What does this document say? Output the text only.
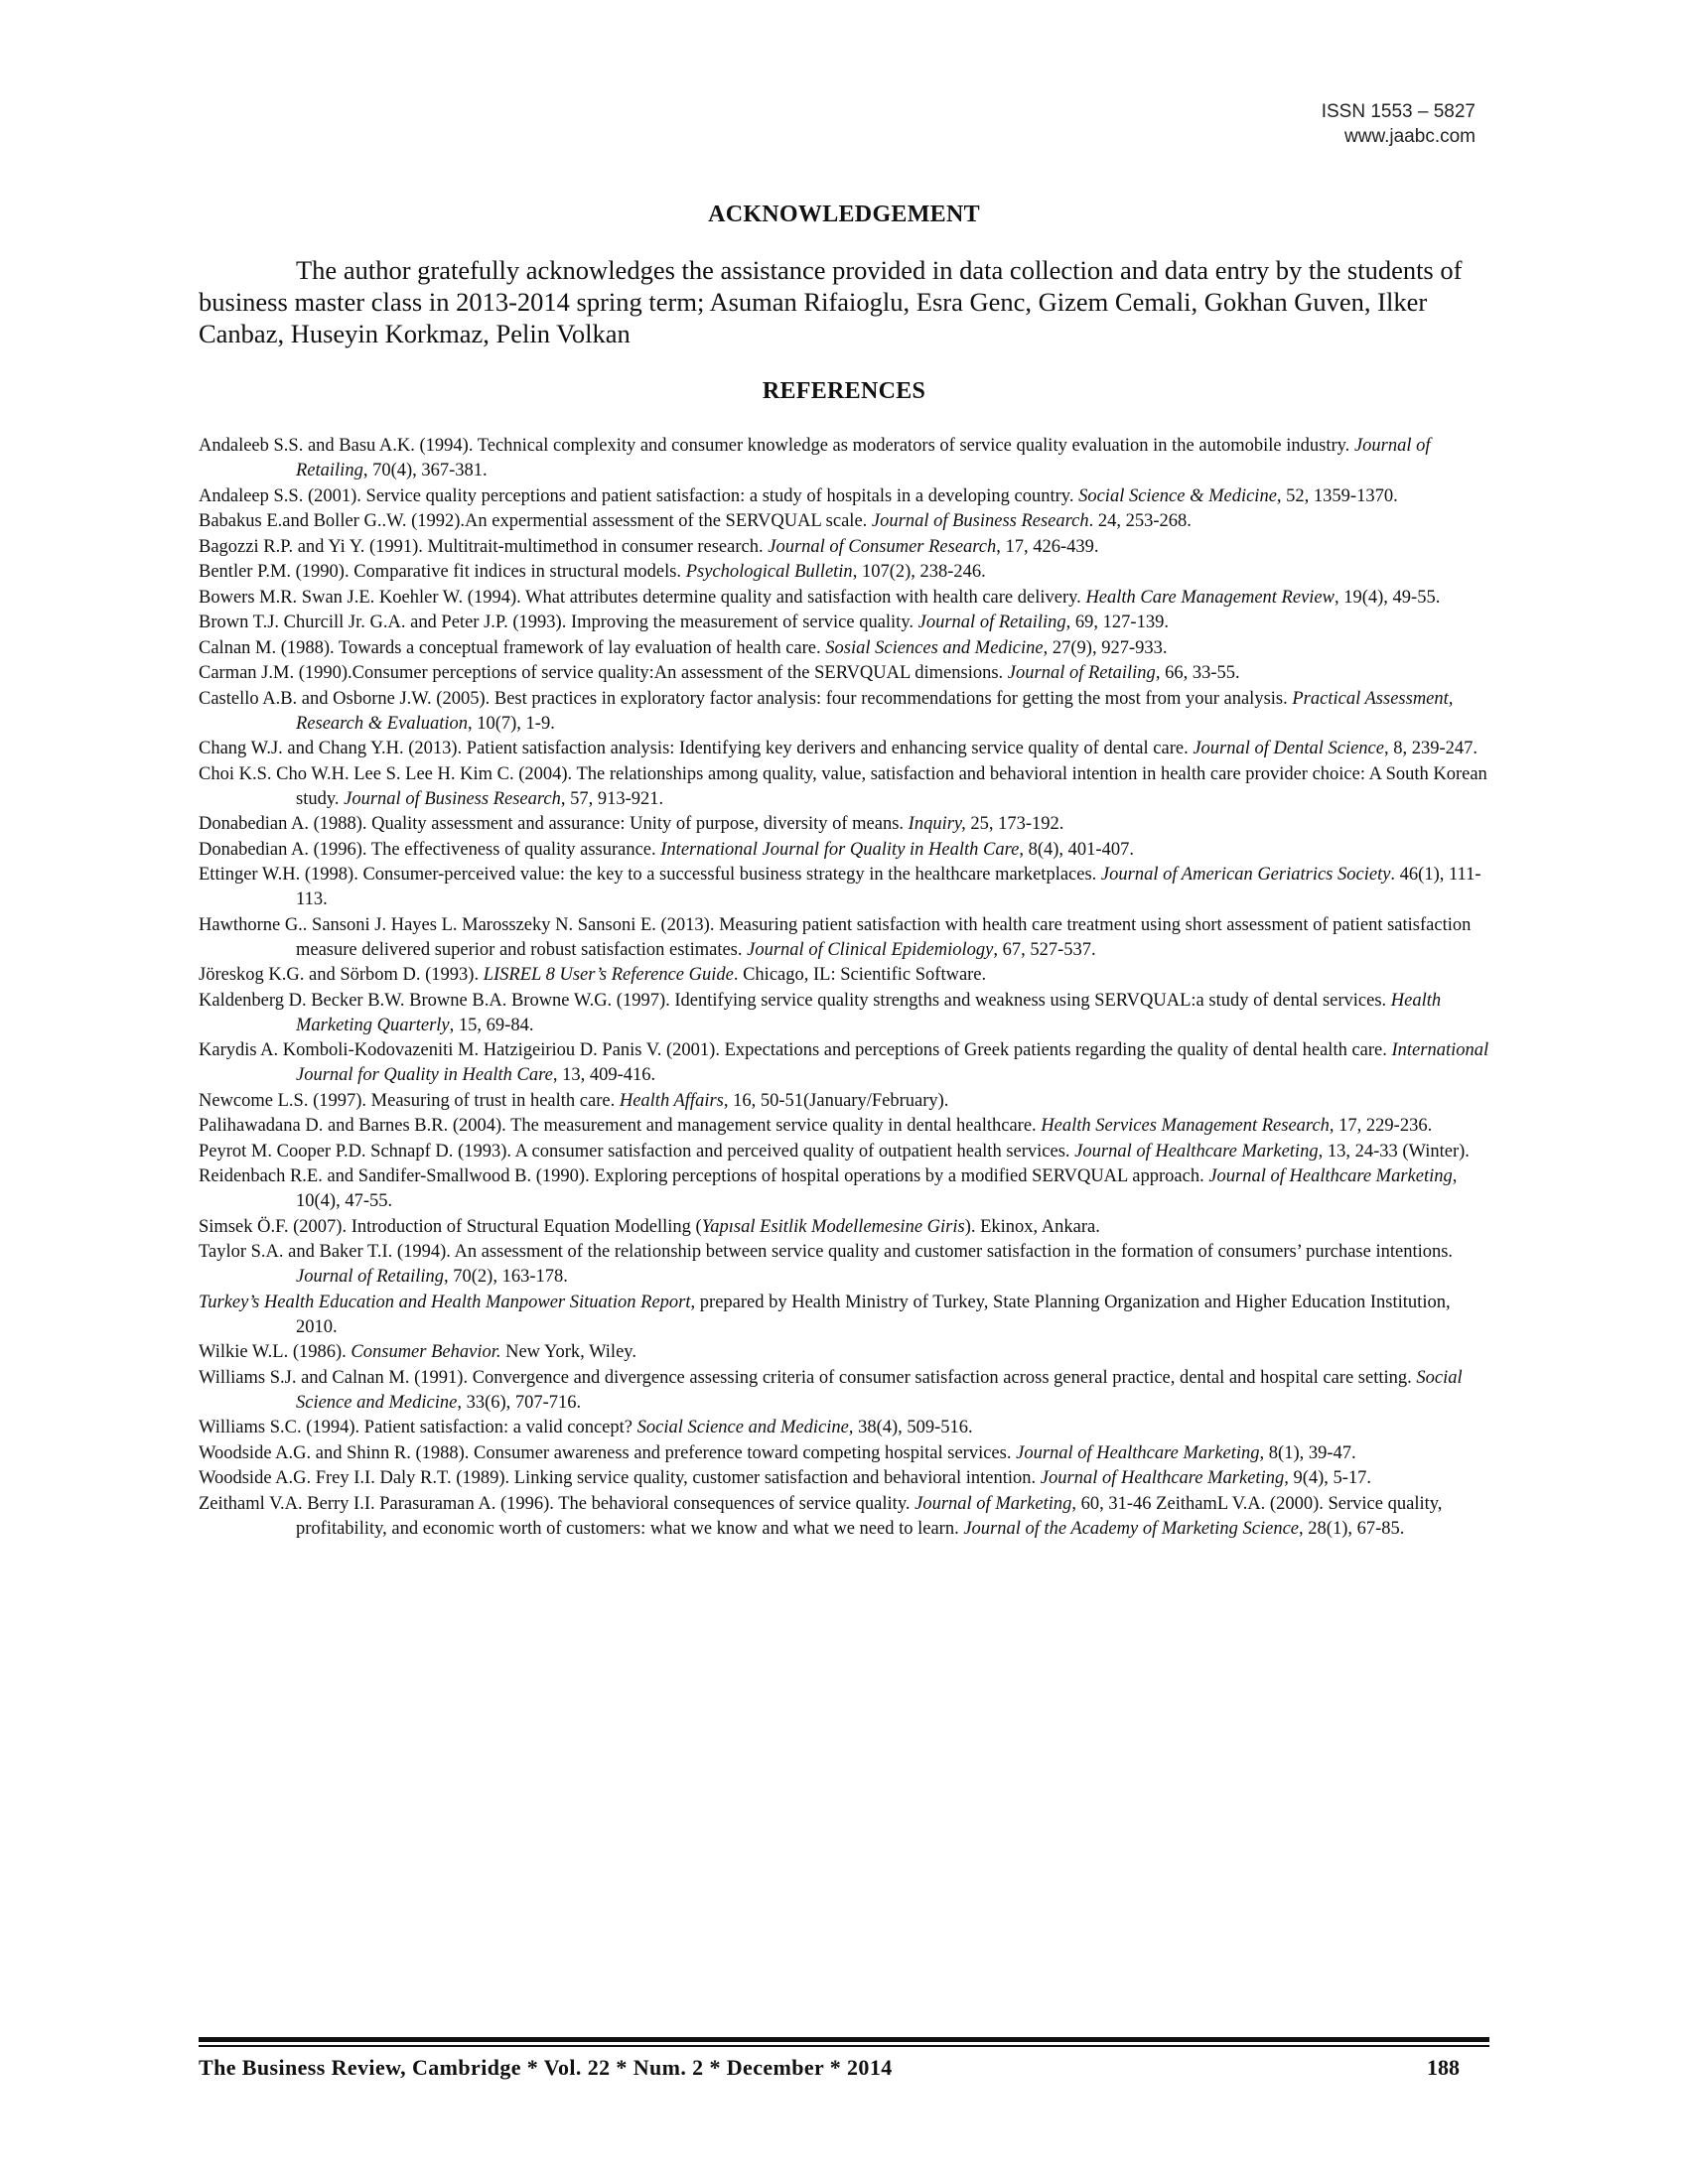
ISSN 1553 – 5827
www.jaabc.com
ACKNOWLEDGEMENT

The author gratefully acknowledges the assistance provided in data collection and data entry by the students of business master class in 2013-2014 spring term; Asuman Rifaioglu, Esra Genc, Gizem Cemali, Gokhan Guven, Ilker Canbaz, Huseyin Korkmaz, Pelin Volkan

REFERENCES
Andaleeb S.S. and Basu A.K. (1994). Technical complexity and consumer knowledge as moderators of service quality evaluation in the automobile industry. Journal of Retailing, 70(4), 367-381.
Andaleep S.S. (2001). Service quality perceptions and patient satisfaction: a study of hospitals in a developing country. Social Science & Medicine, 52, 1359-1370.
Babakus E.and Boller G..W. (1992).An expermential assessment of the SERVQUAL scale. Journal of Business Research. 24, 253-268.
Bagozzi R.P. and Yi Y. (1991). Multitrait-multimethod in consumer research. Journal of Consumer Research, 17, 426-439.
Bentler P.M. (1990). Comparative fit indices in structural models. Psychological Bulletin, 107(2), 238-246.
Bowers M.R. Swan J.E. Koehler W. (1994). What attributes determine quality and satisfaction with health care delivery. Health Care Management Review, 19(4), 49-55.
Brown T.J. Churcill Jr. G.A. and Peter J.P. (1993). Improving the measurement of service quality. Journal of Retailing, 69, 127-139.
Calnan M. (1988). Towards a conceptual framework of lay evaluation of health care. Sosial Sciences and Medicine, 27(9), 927-933.
Carman J.M. (1990).Consumer perceptions of service quality:An assessment of the SERVQUAL dimensions. Journal of Retailing, 66, 33-55.
Castello A.B. and Osborne J.W. (2005). Best practices in exploratory factor analysis: four recommendations for getting the most from your analysis. Practical Assessment, Research & Evaluation, 10(7), 1-9.
Chang W.J. and Chang Y.H. (2013). Patient satisfaction analysis: Identifying key derivers and enhancing service quality of dental care. Journal of Dental Science, 8, 239-247.
Choi K.S. Cho W.H. Lee S. Lee H. Kim C. (2004). The relationships among quality, value, satisfaction and behavioral intention in health care provider choice: A South Korean study. Journal of Business Research, 57, 913-921.
Donabedian A. (1988). Quality assessment and assurance: Unity of purpose, diversity of means. Inquiry, 25, 173-192.
Donabedian A. (1996). The effectiveness of quality assurance. International Journal for Quality in Health Care, 8(4), 401-407.
Ettinger W.H. (1998). Consumer-perceived value: the key to a successful business strategy in the healthcare marketplaces. Journal of American Geriatrics Society. 46(1), 111-113.
Hawthorne G.. Sansoni J. Hayes L. Marosszeky N. Sansoni E. (2013). Measuring patient satisfaction with health care treatment using short assessment of patient satisfaction measure delivered superior and robust satisfaction estimates. Journal of Clinical Epidemiology, 67, 527-537.
Jöreskog K.G. and Sörbom D. (1993). LISREL 8 User’s Reference Guide. Chicago, IL: Scientific Software.
Kaldenberg D. Becker B.W. Browne B.A. Browne W.G. (1997). Identifying service quality strengths and weakness using SERVQUAL:a study of dental services. Health Marketing Quarterly, 15, 69-84.
Karydis A. Komboli-Kodovazeniti M. Hatzigeiriou D. Panis V. (2001). Expectations and perceptions of Greek patients regarding the quality of dental health care. International Journal for Quality in Health Care, 13, 409-416.
Newcome L.S. (1997). Measuring of trust in health care. Health Affairs, 16, 50-51(January/February).
Palihawadana D. and Barnes B.R. (2004). The measurement and management service quality in dental healthcare. Health Services Management Research, 17, 229-236.
Peyrot M. Cooper P.D. Schnapf D. (1993). A consumer satisfaction and perceived quality of outpatient health services. Journal of Healthcare Marketing, 13, 24-33 (Winter).
Reidenbach R.E. and Sandifer-Smallwood B. (1990). Exploring perceptions of hospital operations by a modified SERVQUAL approach. Journal of Healthcare Marketing, 10(4), 47-55.
Simsek Ö.F. (2007). Introduction of Structural Equation Modelling (Yapısal Esitlik Modellemesine Giris). Ekinox, Ankara.
Taylor S.A. and Baker T.I. (1994). An assessment of the relationship between service quality and customer satisfaction in the formation of consumers’ purchase intentions. Journal of Retailing, 70(2), 163-178.
Turkey’s Health Education and Health Manpower Situation Report, prepared by Health Ministry of Turkey, State Planning Organization and Higher Education Institution, 2010.
Wilkie W.L. (1986). Consumer Behavior. New York, Wiley.
Williams S.J. and Calnan M. (1991). Convergence and divergence assessing criteria of consumer satisfaction across general practice, dental and hospital care setting. Social Science and Medicine, 33(6), 707-716.
Williams S.C. (1994). Patient satisfaction: a valid concept? Social Science and Medicine, 38(4), 509-516.
Woodside A.G. and Shinn R. (1988). Consumer awareness and preference toward competing hospital services. Journal of Healthcare Marketing, 8(1), 39-47.
Woodside A.G. Frey I.I. Daly R.T. (1989). Linking service quality, customer satisfaction and behavioral intention. Journal of Healthcare Marketing, 9(4), 5-17.
Zeithaml V.A. Berry I.I. Parasuraman A. (1996). The behavioral consequences of service quality. Journal of Marketing, 60, 31-46 ZeithamL V.A. (2000). Service quality, profitability, and economic worth of customers: what we know and what we need to learn. Journal of the Academy of Marketing Science, 28(1), 67-85.
The Business Review, Cambridge * Vol. 22 * Num. 2 * December * 2014	188
